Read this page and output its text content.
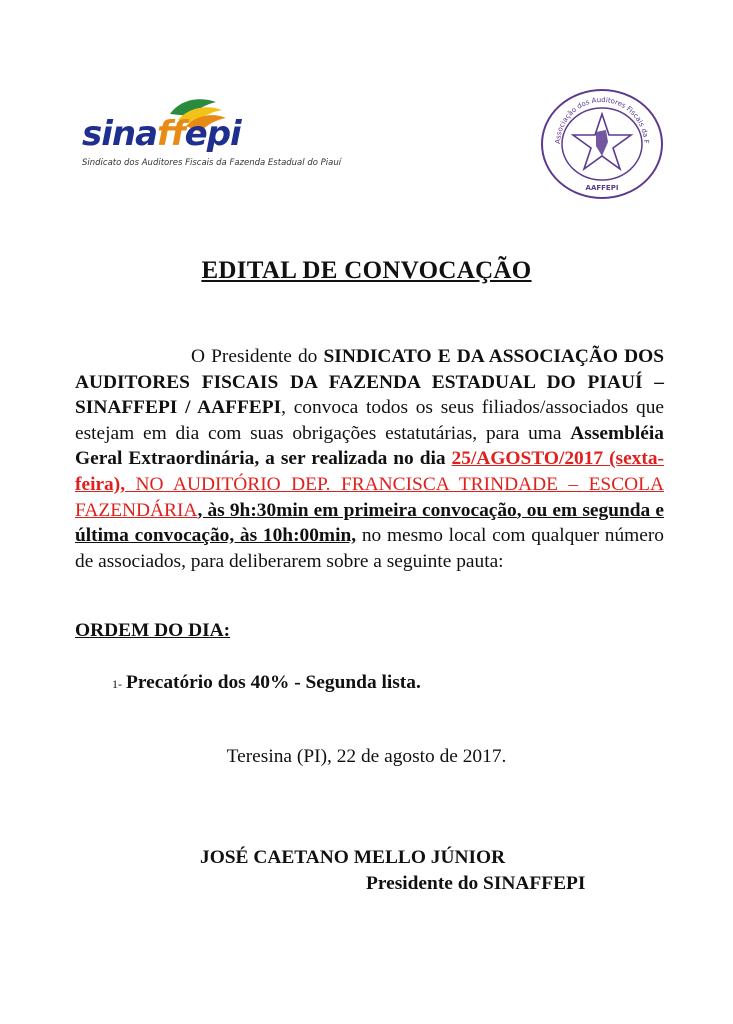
sinaffepi
Sindicato dos Auditores Fiscais da Fazenda Estadual do Piauí
Associação dos Auditores Fiscais da F
AAFFEPI
EDITAL DE CONVOCAÇÃO
O Presidente do SINDICATO E DA ASSOCIAÇÃO DOS AUDITORES FISCAIS DA FAZENDA ESTADUAL DO PIAUÍ – SINAFFEPI / AAFFEPI, convoca todos os seus filiados/associados que estejam em dia com suas obrigações estatutárias, para uma Assembléia Geral Extraordinária, a ser realizada no dia 25/AGOSTO/2017 (sexta-feira), NO AUDITÓRIO DEP. FRANCISCA TRINDADE – ESCOLA FAZENDÁRIA, às 9h:30min em primeira convocação, ou em segunda e última convocação, às 10h:00min, no mesmo local com qualquer número de associados, para deliberarem sobre a seguinte pauta:
ORDEM DO DIA:
1- Precatório dos 40% - Segunda lista.
Teresina (PI), 22 de agosto de 2017.
JOSÉ CAETANO MELLO JÚNIOR
Presidente do SINAFFEPI
